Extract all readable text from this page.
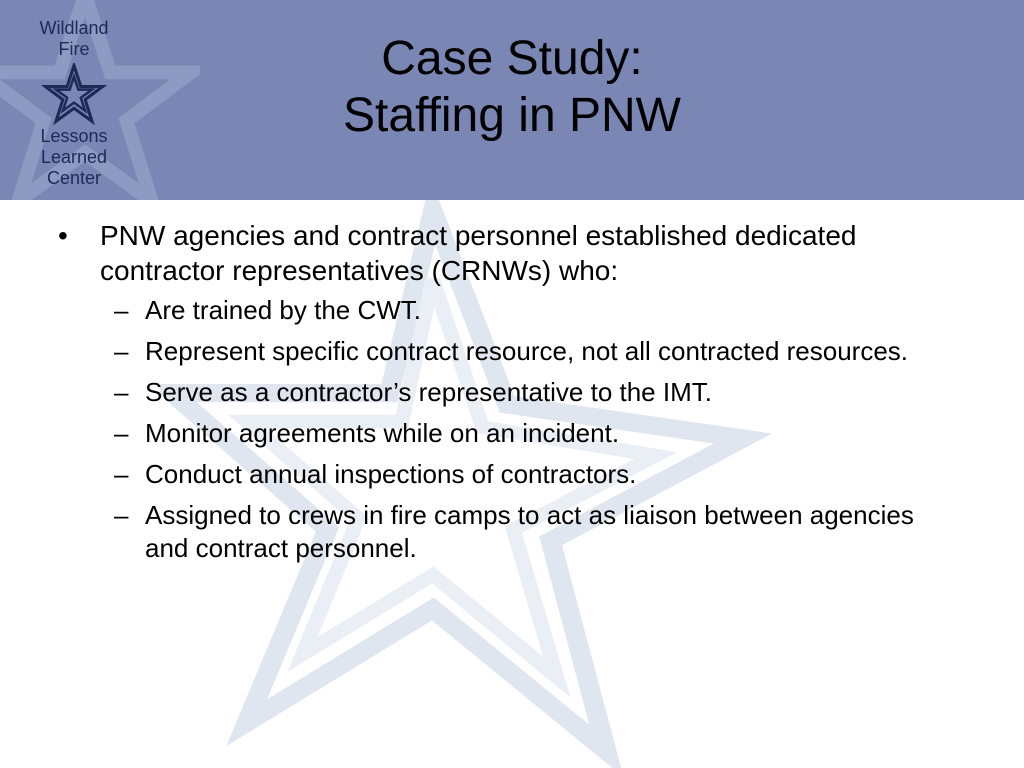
Wildland
Fire
Lessons
Learned
Center
Case Study:
Staffing in PNW
• PNW agencies and contract personnel established dedicated contractor representatives (CRNWs) who:
– Are trained by the CWT.
– Represent specific contract resource, not all contracted resources.
– Serve as a contractor’s representative to the IMT.
– Monitor agreements while on an incident.
– Conduct annual inspections of contractors.
– Assigned to crews in fire camps to act as liaison between agencies and contract personnel.
